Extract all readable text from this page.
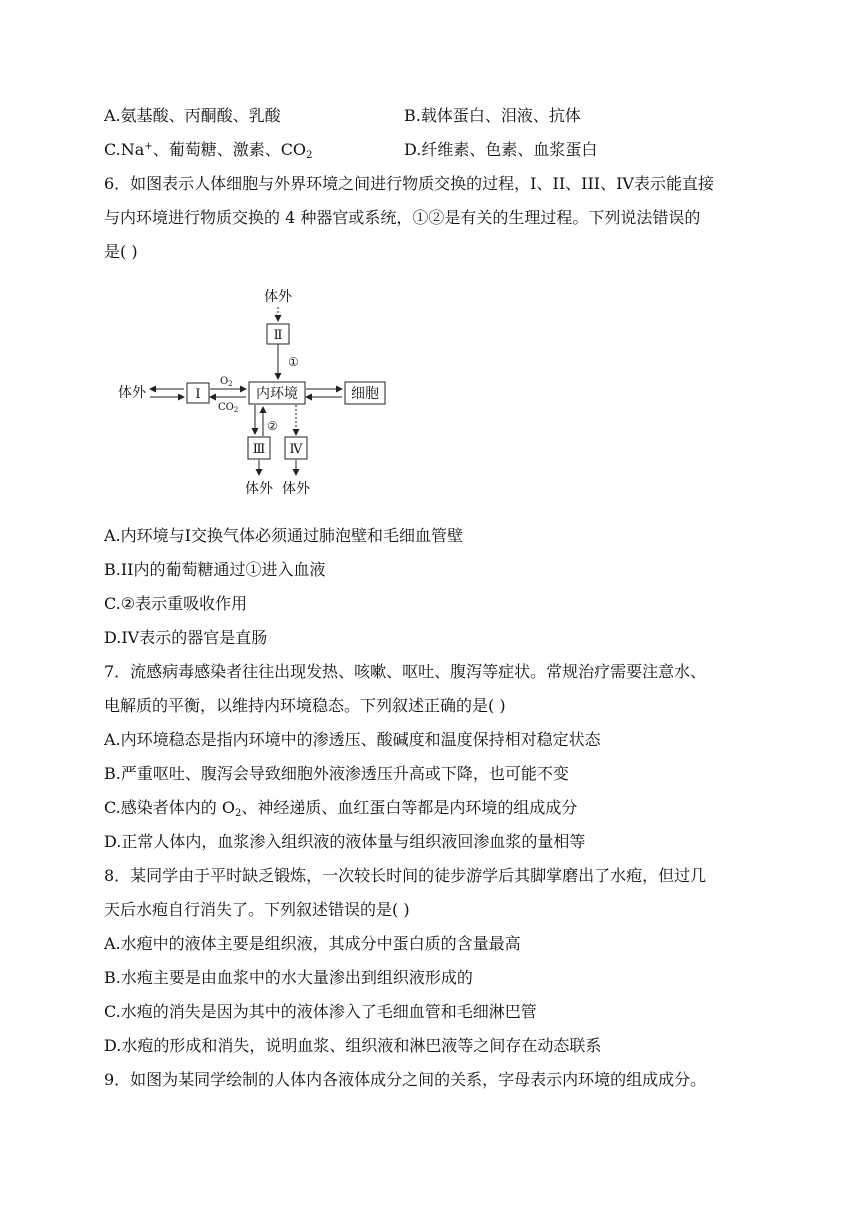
A.氨基酸、丙酮酸、乳酸	B.载体蛋白、泪液、抗体
C.Na+、葡萄糖、激素、$CO_2$	D.纤维素、色素、血浆蛋白
6．如图表示人体细胞与外界环境之间进行物质交换的过程，I、II、III、IV表示能直接
与内环境进行物质交换的 4 种器官或系统，①②是有关的生理过程。下列说法错误的
是( )
体外
Ⅱ
①
体外	Ⅰ
$O_2$
$CO_2$
内环境	细胞
②
Ⅲ
体外
Ⅳ
体外
A.内环境与I交换气体必须通过肺泡壁和毛细血管壁
B.II内的葡萄糖通过①进入血液
C.②表示重吸收作用
D.IV表示的器官是直肠
7．流感病毒感染者往往出现发热、咳嗽、呕吐、腹泻等症状。常规治疗需要注意水、
电解质的平衡，以维持内环境稳态。下列叙述正确的是( )
A.内环境稳态是指内环境中的渗透压、酸碱度和温度保持相对稳定状态
B.严重呕吐、腹泻会导致细胞外液渗透压升高或下降，也可能不变
C.感染者体内的 $O_2$、神经递质、血红蛋白等都是内环境的组成成分
D.正常人体内，血浆渗入组织液的液体量与组织液回渗血浆的量相等
8．某同学由于平时缺乏锻炼，一次较长时间的徒步游学后其脚掌磨出了水疱，但过几
天后水疱自行消失了。下列叙述错误的是( )
A.水疱中的液体主要是组织液，其成分中蛋白质的含量最高
B.水疱主要是由血浆中的水大量渗出到组织液形成的
C.水疱的消失是因为其中的液体渗入了毛细血管和毛细淋巴管
D.水疱的形成和消失，说明血浆、组织液和淋巴液等之间存在动态联系
9．如图为某同学绘制的人体内各液体成分之间的关系，字母表示内环境的组成成分。
